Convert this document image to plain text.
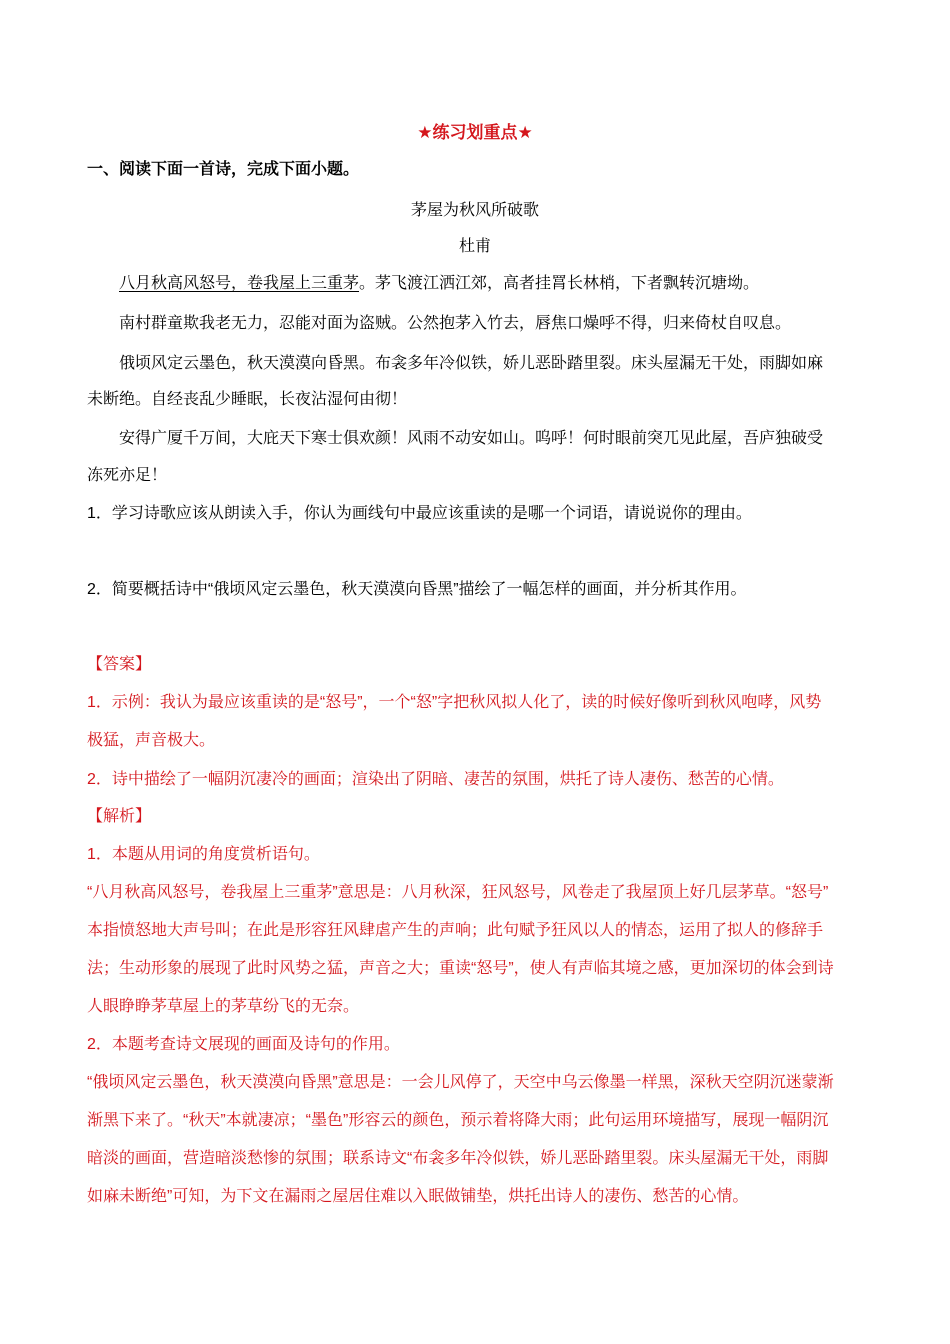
★练习划重点★
一、阅读下面一首诗，完成下面小题。
茅屋为秋风所破歌
杜甫
八月秋高风怒号，卷我屋上三重茅。茅飞渡江洒江郊，高者挂罥长林梢，下者飘转沉塘坳。
南村群童欺我老无力，忍能对面为盗贼。公然抱茅入竹去，唇焦口燥呼不得，归来倚杖自叹息。
俄顷风定云墨色，秋天漠漠向昏黑。布衾多年冷似铁，娇儿恶卧踏里裂。床头屋漏无干处，雨脚如麻
未断绝。自经丧乱少睡眠，长夜沾湿何由彻！
安得广厦千万间，大庇天下寒士俱欢颜！风雨不动安如山。呜呼！何时眼前突兀见此屋，吾庐独破受
冻死亦足！
1．学习诗歌应该从朗读入手，你认为画线句中最应该重读的是哪一个词语，请说说你的理由。
2．简要概括诗中“俄顷风定云墨色，秋天漠漠向昏黑”描绘了一幅怎样的画面，并分析其作用。
【答案】
1．示例：我认为最应该重读的是“怒号”，一个“怒”字把秋风拟人化了，读的时候好像听到秋风咆哮，风势
极猛，声音极大。
2．诗中描绘了一幅阴沉凄冷的画面；渲染出了阴暗、凄苦的氛围，烘托了诗人凄伤、愁苦的心情。
【解析】
1．本题从用词的角度赏析语句。
“八月秋高风怒号，卷我屋上三重茅”意思是：八月秋深，狂风怒号，风卷走了我屋顶上好几层茅草。“怒号”
本指愤怒地大声号叫；在此是形容狂风肆虐产生的声响；此句赋予狂风以人的情态，运用了拟人的修辞手
法；生动形象的展现了此时风势之猛，声音之大；重读“怒号”，使人有声临其境之感，更加深切的体会到诗
人眼睁睁茅草屋上的茅草纷飞的无奈。
2．本题考查诗文展现的画面及诗句的作用。
“俄顷风定云墨色，秋天漠漠向昏黑”意思是：一会儿风停了，天空中乌云像墨一样黑，深秋天空阴沉迷蒙渐
渐黑下来了。“秋天”本就凄凉；“墨色”形容云的颜色，预示着将降大雨；此句运用环境描写，展现一幅阴沉
暗淡的画面，营造暗淡愁惨的氛围；联系诗文“布衾多年冷似铁，娇儿恶卧踏里裂。床头屋漏无干处，雨脚
如麻未断绝”可知，为下文在漏雨之屋居住难以入眠做铺垫，烘托出诗人的凄伤、愁苦的心情。
